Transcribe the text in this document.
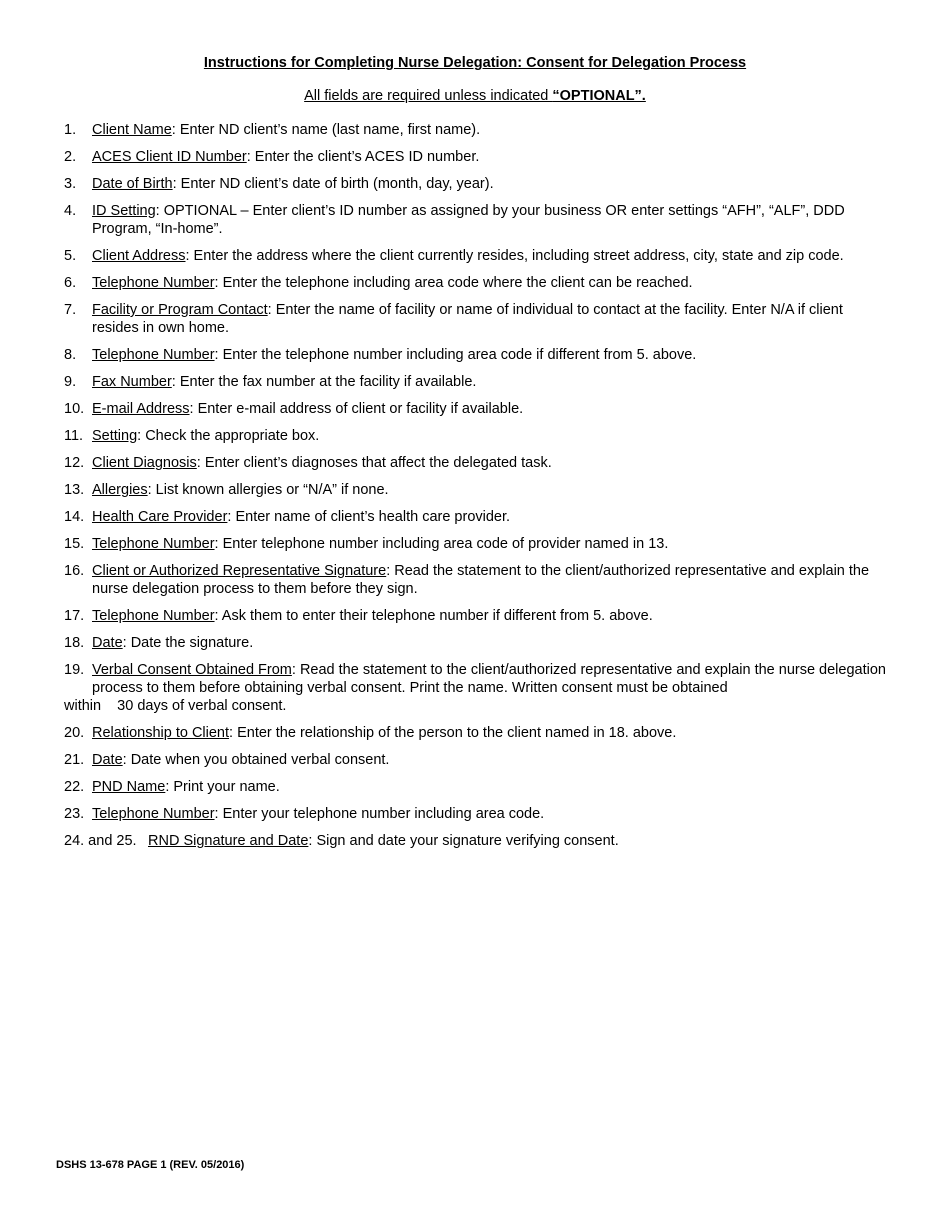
Instructions for Completing Nurse Delegation: Consent for Delegation Process
All fields are required unless indicated “OPTIONAL”.
1.	Client Name: Enter ND client’s name (last name, first name).
2.	ACES Client ID Number: Enter the client’s ACES ID number.
3.	Date of Birth: Enter ND client’s date of birth (month, day, year).
4.	ID Setting: OPTIONAL – Enter client’s ID number as assigned by your business OR enter settings “AFH”, “ALF”, DDD Program, “In-home”.
5.	Client Address: Enter the address where the client currently resides, including street address, city, state and zip code.
6.	Telephone Number: Enter the telephone including area code where the client can be reached.
7.	Facility or Program Contact: Enter the name of facility or name of individual to contact at the facility. Enter N/A if client resides in own home.
8.	Telephone Number: Enter the telephone number including area code if different from 5. above.
9.	Fax Number: Enter the fax number at the facility if available.
10. E-mail Address: Enter e-mail address of client or facility if available.
11. Setting: Check the appropriate box.
12. Client Diagnosis: Enter client’s diagnoses that affect the delegated task.
13. Allergies: List known allergies or “N/A” if none.
14. Health Care Provider: Enter name of client’s health care provider.
15. Telephone Number: Enter telephone number including area code of provider named in 13.
16. Client or Authorized Representative Signature: Read the statement to the client/authorized representative and explain the nurse delegation process to them before they sign.
17. Telephone Number: Ask them to enter their telephone number if different from 5. above.
18. Date: Date the signature.
19. Verbal Consent Obtained From: Read the statement to the client/authorized representative and explain the nurse delegation process to them before obtaining verbal consent. Print the name. Written consent must be obtained
within    30 days of verbal consent.
20. Relationship to Client: Enter the relationship of the person to the client named in 18. above.
21. Date: Date when you obtained verbal consent.
22. PND Name: Print your name.
23. Telephone Number: Enter your telephone number including area code.
24. and 25. RND Signature and Date: Sign and date your signature verifying consent.
DSHS 13-678 PAGE 1 (REV. 05/2016)
